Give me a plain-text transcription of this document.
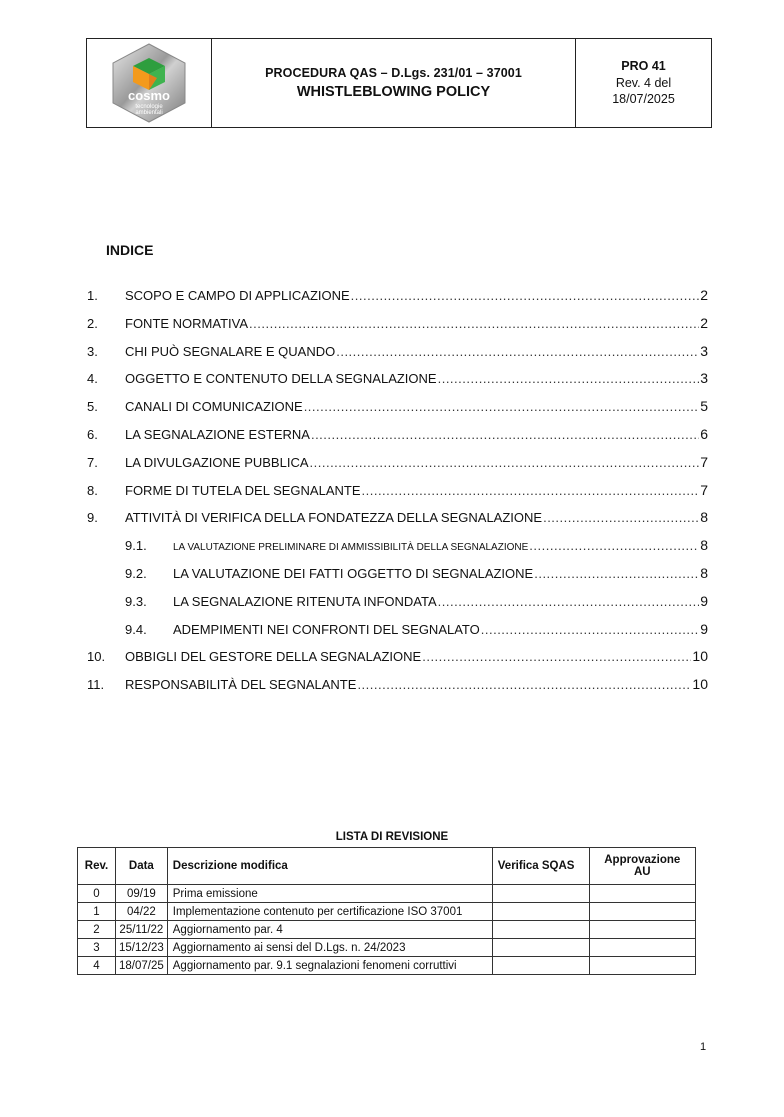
cosmo
tecnologie
ambientali
PROCEDURA QAS – D.Lgs. 231/01 – 37001
WHISTLEBLOWING POLICY
PRO 41
Rev. 4 del
18/07/2025
INDICE
1.	SCOPO E CAMPO DI APPLICAZIONE .....	2
2.	FONTE NORMATIVA .....	2
3.	CHI PUÒ SEGNALARE E QUANDO .....	3
4.	OGGETTO E CONTENUTO DELLA SEGNALAZIONE .....	3
5.	CANALI DI COMUNICAZIONE .....	5
6.	LA SEGNALAZIONE ESTERNA .....	6
7.	LA DIVULGAZIONE PUBBLICA .....	7
8.	FORME DI TUTELA DEL SEGNALANTE .....	7
9.	ATTIVITÀ DI VERIFICA DELLA FONDATEZZA DELLA SEGNALAZIONE .....	8
9.1.	LA VALUTAZIONE PRELIMINARE DI AMMISSIBILITÀ DELLA SEGNALAZIONE .....	8
9.2.	LA VALUTAZIONE DEI FATTI OGGETTO DI SEGNALAZIONE .....	8
9.3.	LA SEGNALAZIONE RITENUTA INFONDATA .....	9
9.4.	ADEMPIMENTI NEI CONFRONTI DEL SEGNALATO .....	9
10.	OBBIGLI DEL GESTORE DELLA SEGNALAZIONE .....	10
11.	RESPONSABILITÀ DEL SEGNALANTE .....	10
LISTA DI REVISIONE
Rev.	Data	Descrizione modifica	Verifica SQAS	Approvazione
AU

0	09/19	Prima emissione		
1	04/22	Implementazione contenuto per certificazione ISO 37001		
2	25/11/22	Aggiornamento par. 4		
3	15/12/23	Aggiornamento ai sensi del D.Lgs. n. 24/2023		
4	18/07/25	Aggiornamento par. 9.1 segnalazioni fenomeni corruttivi		
1
